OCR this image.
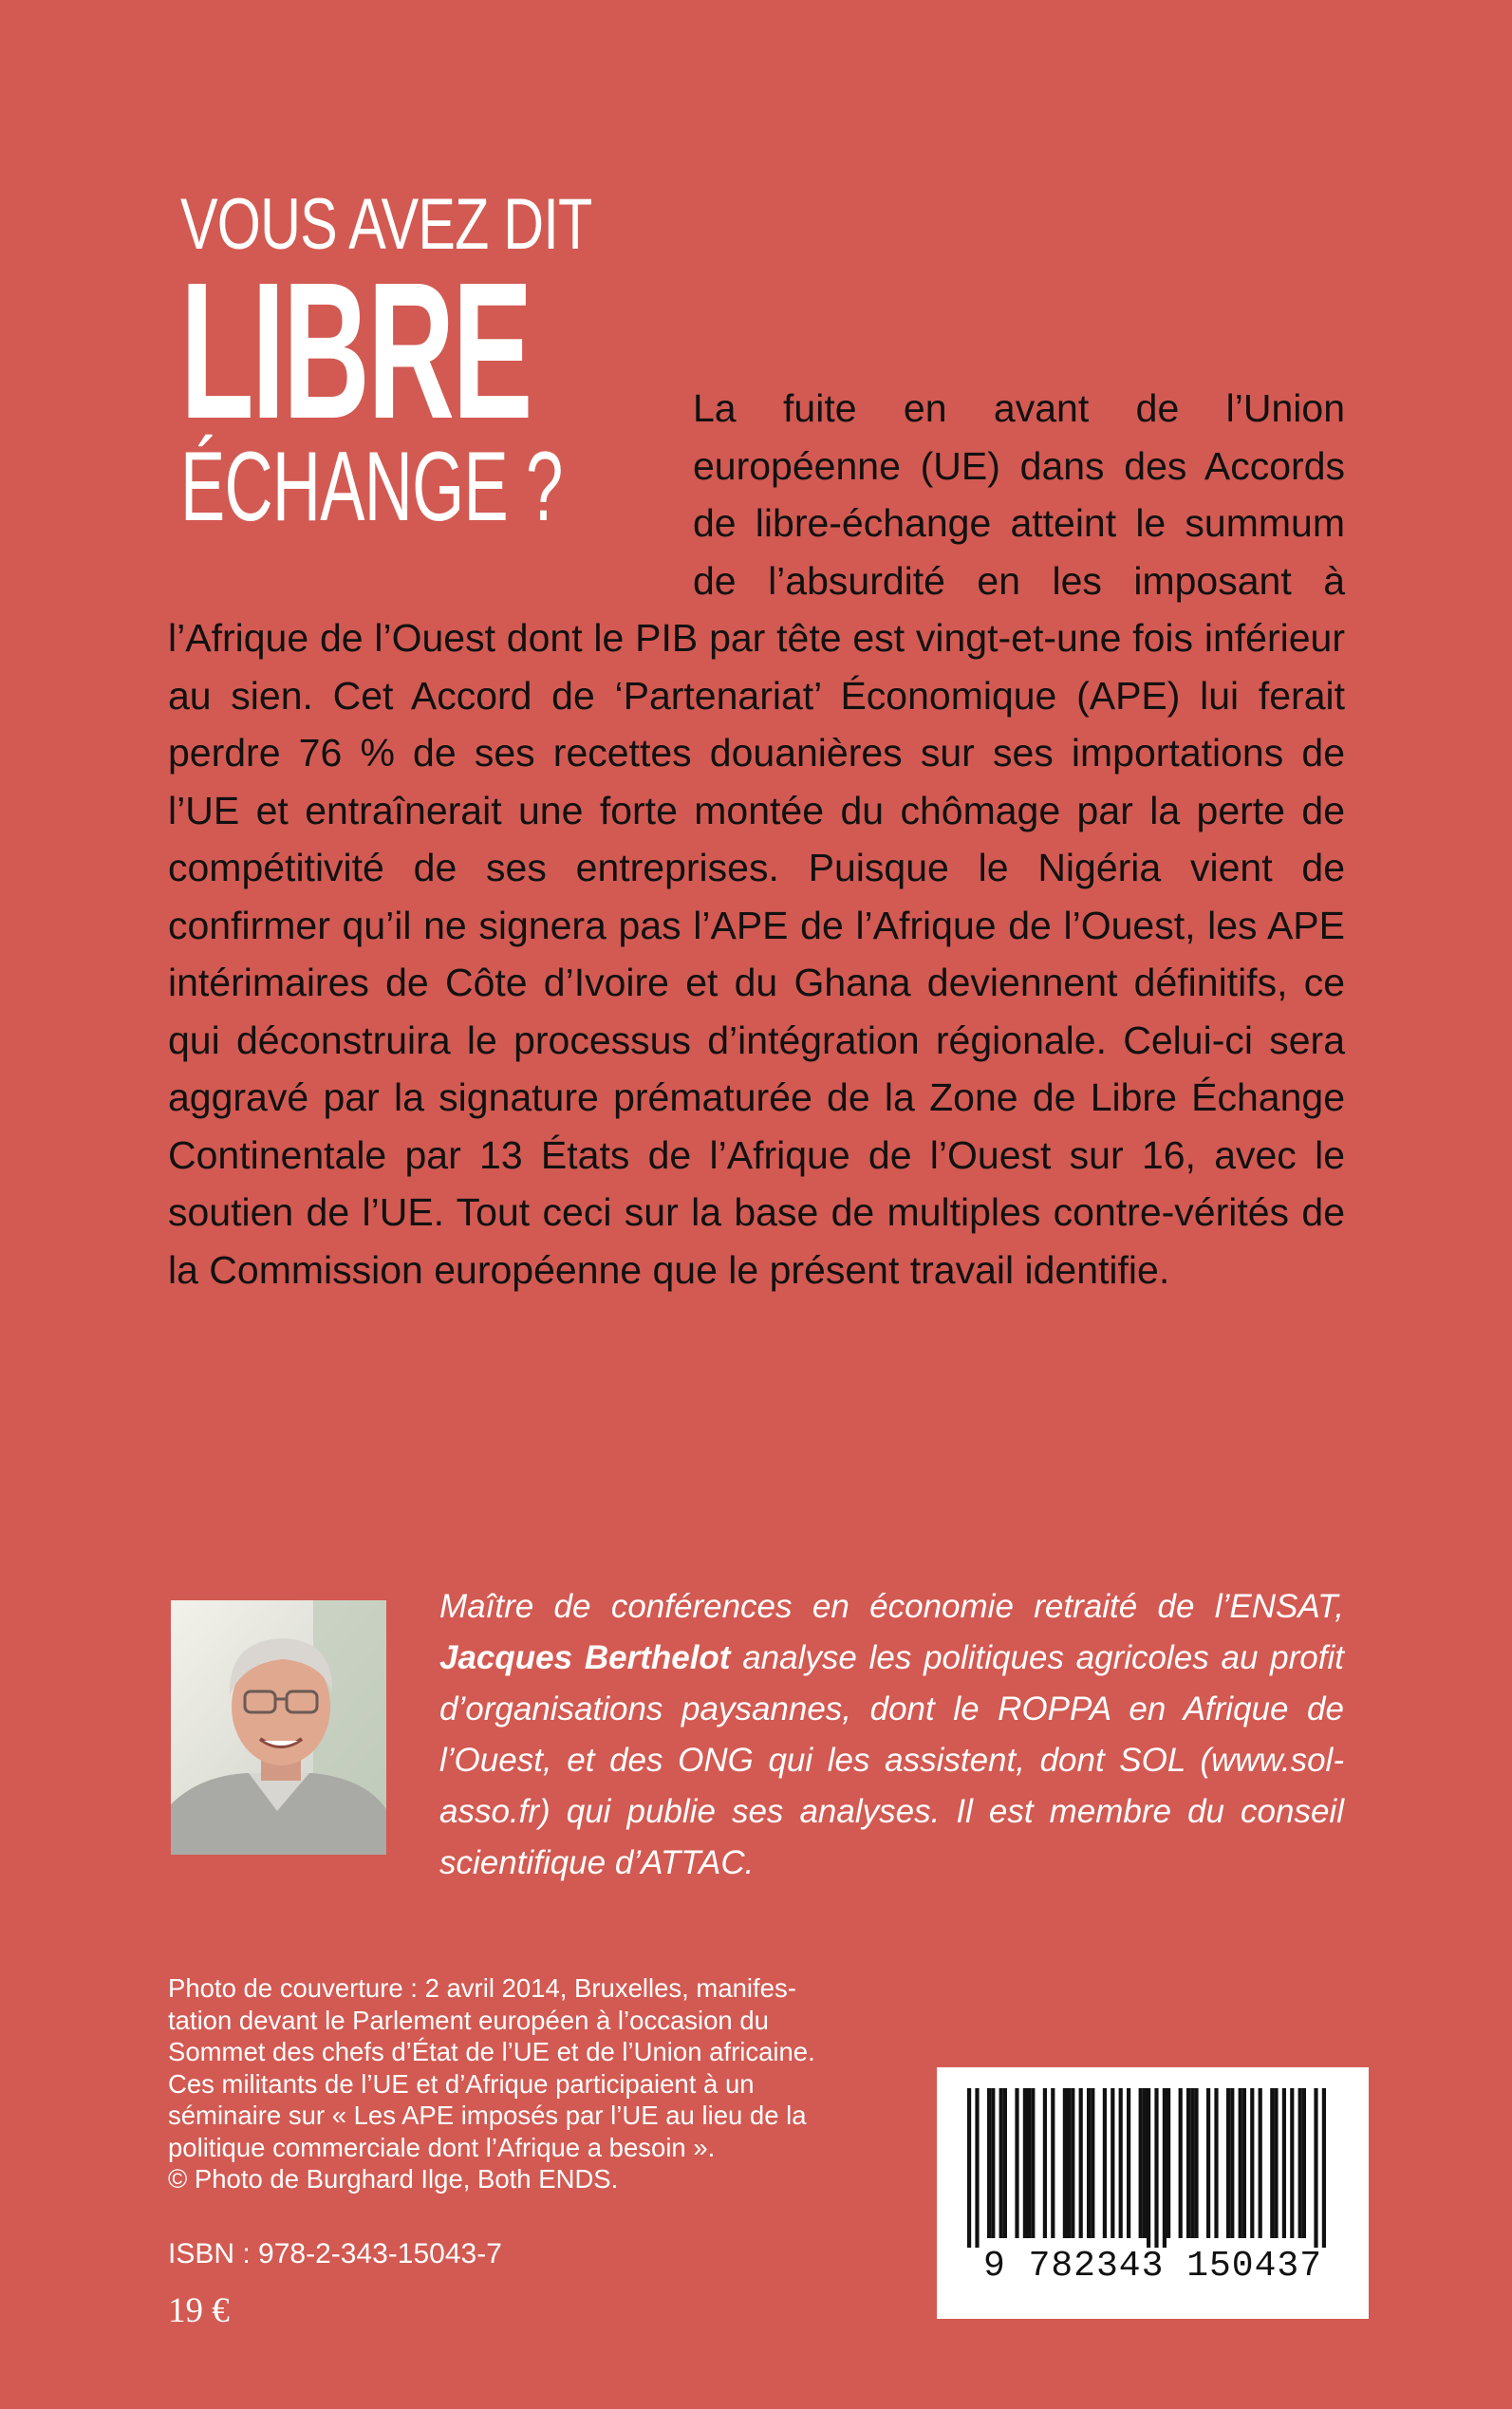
VOUS AVEZ DIT
LIBRE
ÉCHANGE ?

La fuite en avant de l’Union européenne (UE) dans des Accords de libre-échange atteint le summum de l’absurdité en les imposant à l’Afrique de l’Ouest dont le PIB par tête est vingt-et-une fois inférieur au sien. Cet Accord de ‘Partenariat’ Économique (APE) lui ferait perdre 76 % de ses recettes douanières sur ses importations de l’UE et entraînerait une forte montée du chômage par la perte de compétitivité de ses entreprises. Puisque le Nigéria vient de confirmer qu’il ne signera pas l’APE de l’Afrique de l’Ouest, les APE intérimaires de Côte d’Ivoire et du Ghana deviennent définitifs, ce qui déconstruira le processus d’intégration régionale. Celui-ci sera aggravé par la signature prématurée de la Zone de Libre Échange Continentale par 13 États de l’Afrique de l’Ouest sur 16, avec le soutien de l’UE. Tout ceci sur la base de multiples contre-vérités de la Commission européenne que le présent travail identifie.

Maître de conférences en économie retraité de l’ENSAT, Jacques Berthelot analyse les politiques agricoles au profit d’organisations paysannes, dont le ROPPA en Afrique de l’Ouest, et des ONG qui les assistent, dont SOL (www.sol-asso.fr) qui publie ses analyses. Il est membre du conseil scientifique d’ATTAC.

Photo de couverture : 2 avril 2014, Bruxelles, manifes-
tation devant le Parlement européen à l’occasion du
Sommet des chefs d’État de l’UE et de l’Union africaine.
Ces militants de l’UE et d’Afrique participaient à un
séminaire sur « Les APE imposés par l’UE au lieu de la
politique commerciale dont l’Afrique a besoin ».
© Photo de Burghard Ilge, Both ENDS.
ISBN : 978-2-343-15043-7
19 €
9 782343 150437
